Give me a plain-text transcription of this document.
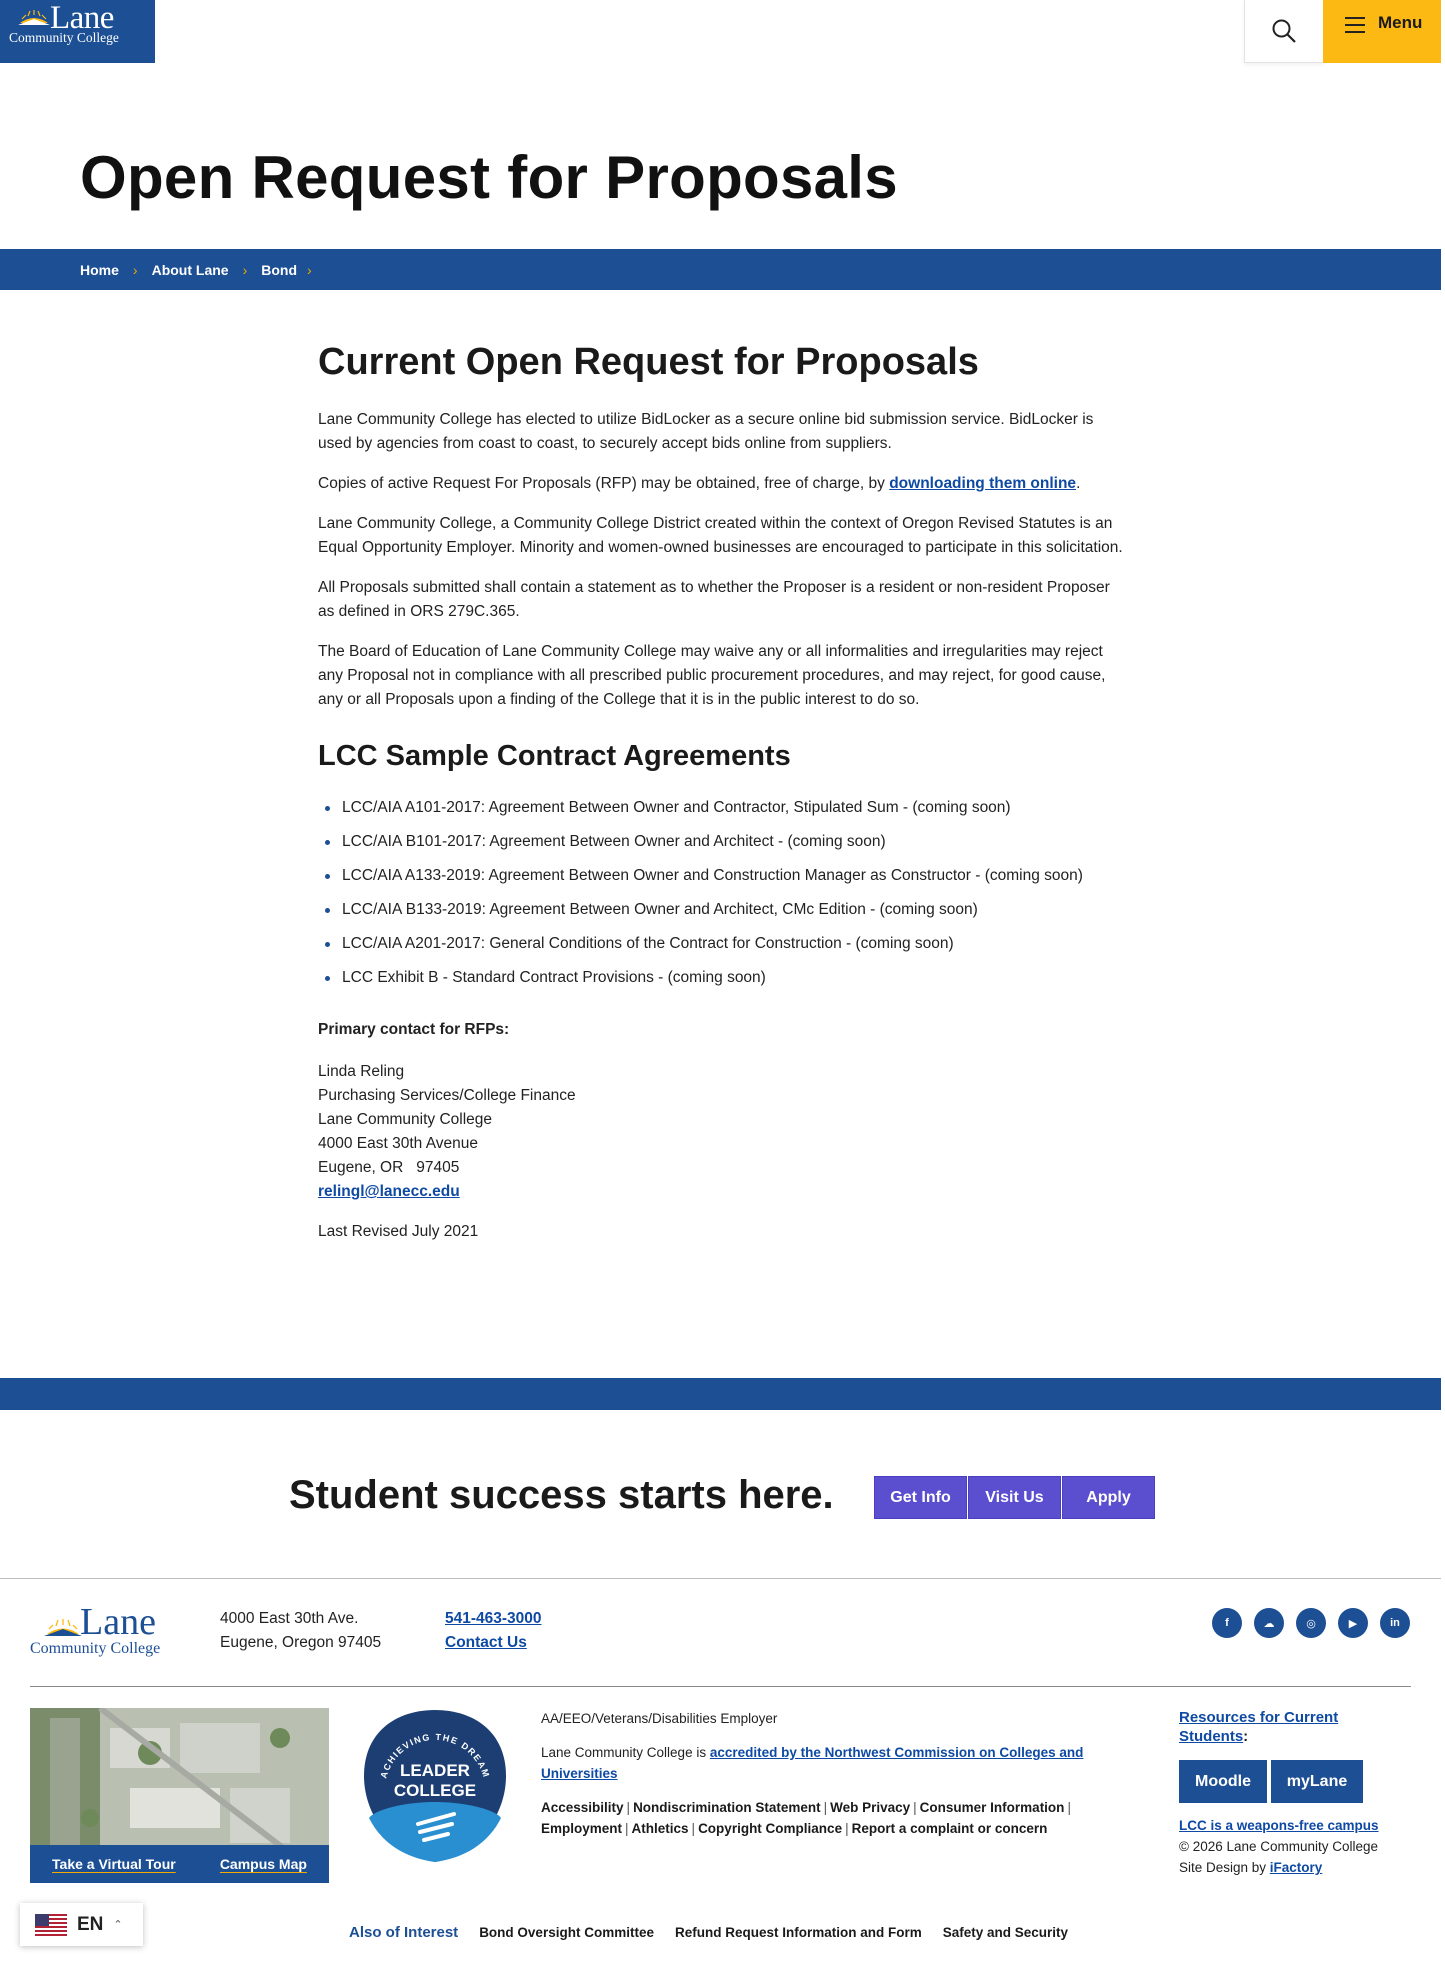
Lane
Community College
Menu
Open Request for Proposals
Home › About Lane › Bond ›
Current Open Request for Proposals

Lane Community College has elected to utilize BidLocker as a secure online bid submission service. BidLocker is used by agencies from coast to coast, to securely accept bids online from suppliers.

Copies of active Request For Proposals (RFP) may be obtained, free of charge, by downloading them online.

Lane Community College, a Community College District created within the context of Oregon Revised Statutes is an Equal Opportunity Employer. Minority and women-owned businesses are encouraged to participate in this solicitation.

All Proposals submitted shall contain a statement as to whether the Proposer is a resident or non-resident Proposer as defined in ORS 279C.365.

The Board of Education of Lane Community College may waive any or all informalities and irregularities may reject any Proposal not in compliance with all prescribed public procurement procedures, and may reject, for good cause, any or all Proposals upon a finding of the College that it is in the public interest to do so.

LCC Sample Contract Agreements
LCC/AIA A101-2017: Agreement Between Owner and Contractor, Stipulated Sum - (coming soon)
LCC/AIA B101-2017: Agreement Between Owner and Architect - (coming soon)
LCC/AIA A133-2019: Agreement Between Owner and Construction Manager as Constructor - (coming soon)
LCC/AIA B133-2019: Agreement Between Owner and Architect, CMc Edition - (coming soon)
LCC/AIA A201-2017: General Conditions of the Contract for Construction - (coming soon)
LCC Exhibit B - Standard Contract Provisions - (coming soon)

Primary contact for RFPs:

Linda Reling
Purchasing Services/College Finance
Lane Community College
4000 East 30th Avenue
Eugene, OR   97405
relingl@lanecc.edu

Last Revised July 2021

Student success starts here.	Get Info	Visit Us	Apply
Lane
Community College
4000 East 30th Ave.
Eugene, Oregon 97405
541-463-3000
Contact Us
f	☁	◎	▶	in
Take a Virtual Tour	Campus Map
ACHIEVING THE DREAM
LEADER
COLLEGE

AA/EEO/Veterans/Disabilities Employer

Lane Community College is accredited by the Northwest Commission on Colleges and Universities

Accessibility | Nondiscrimination Statement | Web Privacy | Consumer Information |
Employment | Athletics | Copyright Compliance | Report a complaint or concern

Resources for Current Students:
Moodle	myLane
LCC is a weapons-free campus
© 2026 Lane Community College
Site Design by iFactory
EN ⌃	Also of Interest Bond Oversight Committee Refund Request Information and Form Safety and Security
